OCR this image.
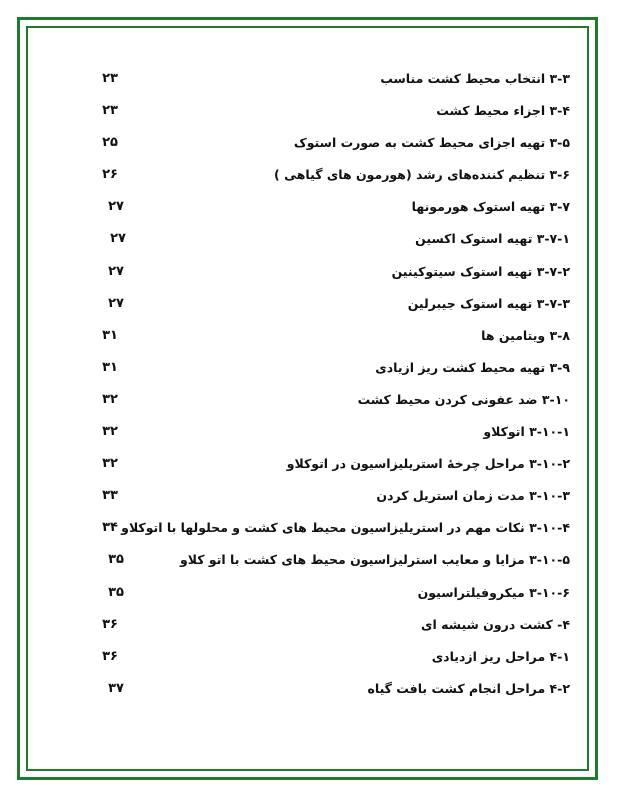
۳-۳ انتخاب محیط کشت مناسب
۲۳
۳-۴ اجزاء محیط کشت
۲۳
۳-۵ تهیه اجزای محیط کشت به صورت استوک
۲۵
۳-۶ تنظیم کننده‌های رشد (هورمون های گیاهی )
۲۶
۳-۷ تهیه استوک هورمونها
۲۷
۳-۷-۱ تهیه استوک اکسین
۲۷
۳-۷-۲ تهیه استوک سیتوکینین
۲۷
۳-۷-۳ تهیه استوک جیبرلین
۲۷
۳-۸ ویتامین ها
۳۱
۳-۹ تهیه محیط کشت ریز ازیادی
۳۱
۳-۱۰ ضد عفونی کردن محیط کشت
۳۲
۳-۱۰-۱ اتوکلاو
۳۲
۳-۱۰-۲ مراحل چرخهٔ استریلیزاسیون در اتوکلاو
۳۲
۳-۱۰-۳ مدت زمان استریل کردن
۳۳
۳-۱۰-۴ نکات مهم در استریلیزاسیون محیط های کشت و محلولها با اتوکلاو
۳۴
۳-۱۰-۵ مزایا و معایب استرلیزاسیون محیط های کشت با اتو کلاو
۳۵
۳-۱۰-۶ میکروفیلتراسیون
۳۵
۴- کشت درون شیشه ای
۳۶
۴-۱ مراحل ریز ازدیادی
۳۶
۴-۲ مراحل انجام کشت بافت گیاه
۳۷
